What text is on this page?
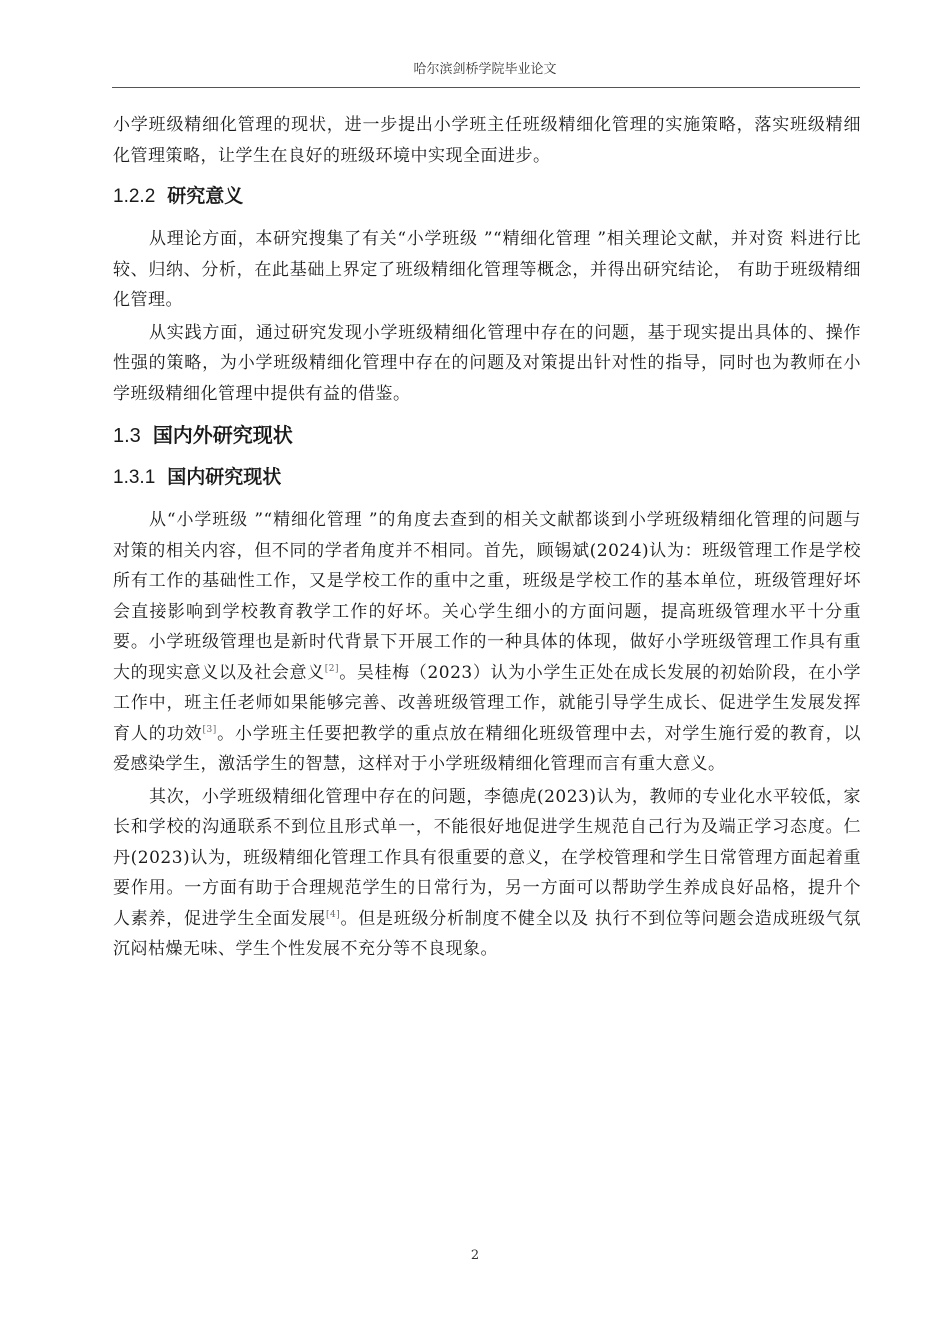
哈尔滨剑桥学院毕业论文

小学班级精细化管理的现状，进一步提出小学班主任班级精细化管理的实施策略，落实班级精细化管理策略，让学生在良好的班级环境中实现全面进步。

1.2.2 研究意义

从理论方面，本研究搜集了有关“小学班级 ”“精细化管理 ”相关理论文献，并对资 料进行比较、归纳、分析，在此基础上界定了班级精细化管理等概念，并得出研究结论， 有助于班级精细化管理。

从实践方面，通过研究发现小学班级精细化管理中存在的问题，基于现实提出具体的、操作性强的策略，为小学班级精细化管理中存在的问题及对策提出针对性的指导，同时也为教师在小学班级精细化管理中提供有益的借鉴。

1.3 国内外研究现状
1.3.1 国内研究现状

从“小学班级 ”“精细化管理 ”的角度去查到的相关文献都谈到小学班级精细化管理的问题与对策的相关内容，但不同的学者角度并不相同。首先，顾锡斌(2024)认为：班级管理工作是学校所有工作的基础性工作，又是学校工作的重中之重，班级是学校工作的基本单位，班级管理好坏会直接影响到学校教育教学工作的好坏。关心学生细小的方面问题，提高班级管理水平十分重要。小学班级管理也是新时代背景下开展工作的一种具体的体现，做好小学班级管理工作具有重大的现实意义以及社会意义[2]。吴桂梅（2023）认为小学生正处在成长发展的初始阶段，在小学工作中，班主任老师如果能够完善、改善班级管理工作，就能引导学生成长、促进学生发展发挥育人的功效[3]。小学班主任要把教学的重点放在精细化班级管理中去，对学生施行爱的教育，以爱感染学生，激活学生的智慧，这样对于小学班级精细化管理而言有重大意义。

其次，小学班级精细化管理中存在的问题，李德虎(2023)认为，教师的专业化水平较低，家长和学校的沟通联系不到位且形式单一，不能很好地促进学生规范自己行为及端正学习态度。仁丹(2023)认为，班级精细化管理工作具有很重要的意义，在学校管理和学生日常管理方面起着重要作用。一方面有助于合理规范学生的日常行为，另一方面可以帮助学生养成良好品格，提升个人素养，促进学生全面发展[4]。但是班级分析制度不健全以及 执行不到位等问题会造成班级气氛沉闷枯燥无味、学生个性发展不充分等不良现象。

2
